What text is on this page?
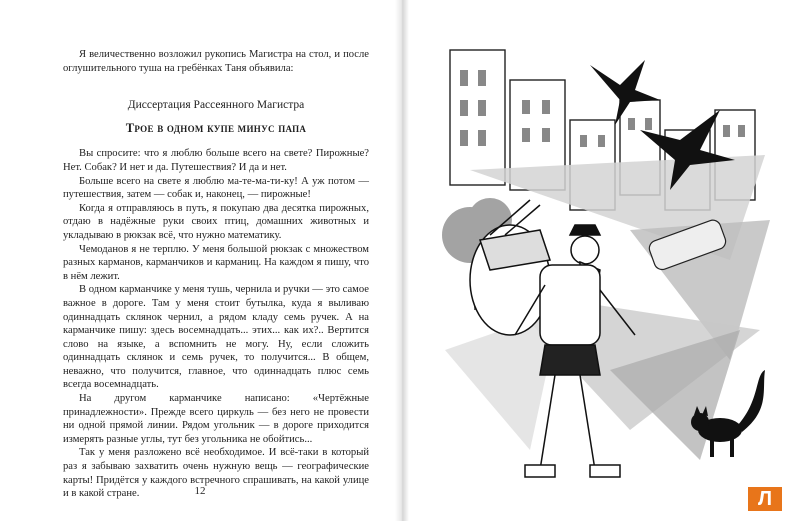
Я величественно возложил рукопись Магистра на стол, и после оглушительного туша на гребёнках Таня объявила:

Диссертация Рассеянного Магистра
Трое в одном купе минус папа

Вы спросите: что я люблю больше всего на свете? Пирожные? Нет. Собак? И нет и да. Путешествия? И да и нет.

Больше всего на свете я люблю ма-те-ма-ти-ку! А уж потом — путешествия, затем — собак и, наконец, — пирожные!

Когда я отправляюсь в путь, я покупаю два десятка пирожных, отдаю в надёжные руки своих птиц, домашних животных и укладываю в рюкзак всё, что нужно математику.

Чемоданов я не терплю. У меня большой рюкзак с множеством разных карманов, карманчиков и карманиц. На каждом я пишу, что в нём лежит.

В одном карманчике у меня тушь, чернила и ручки — это самое важное в дороге. Там у меня стоит бутылка, куда я выливаю одиннадцать склянок чернил, а рядом кладу семь ручек. А на карманчике пишу: здесь восемнадцать... этих... как их?.. Вертится слово на языке, а вспомнить не могу. Ну, если сложить одиннадцать склянок и семь ручек, то получится... В общем, неважно, что получится, главное, что одиннадцать плюс семь всегда восемнадцать.

На другом карманчике написано: «Чертёжные принадлежности». Прежде всего циркуль — без него не провести ни одной прямой линии. Рядом угольник — в дороге приходится измерять разные углы, тут без угольника не обойтись...

Так у меня разложено всё необходимое. И всё-таки в который раз я забываю захватить очень нужную вещь — географические карты! Придётся у каждого встречного спрашивать, на какой улице и в какой стране.	12	Л
